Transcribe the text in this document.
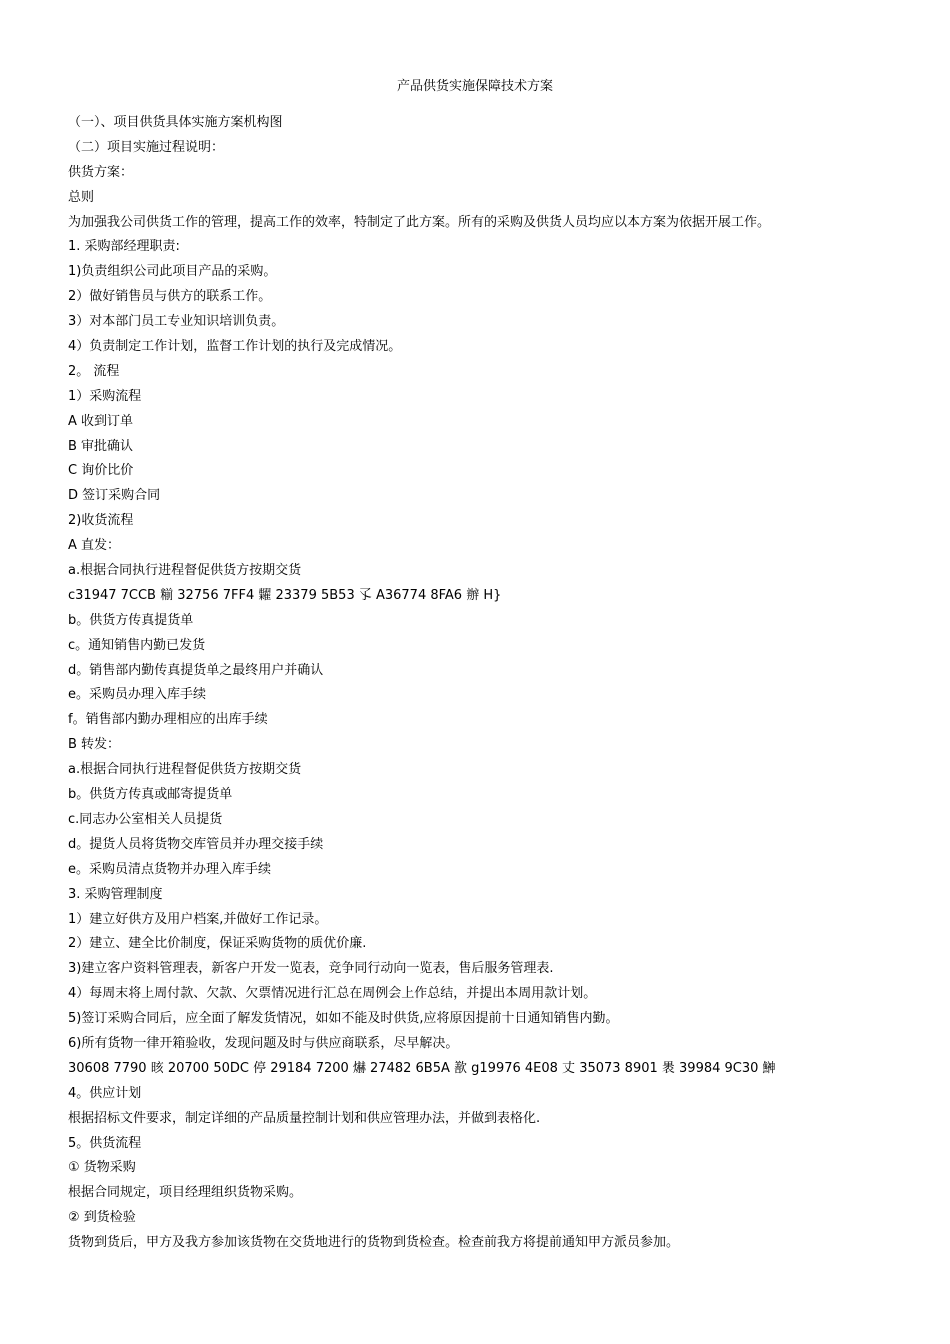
产品供货实施保障技术方案
（一）、项目供货具体实施方案机构图
（二）项目实施过程说明：
供货方案：
总则
为加强我公司供货工作的管理，提高工作的效率，特制定了此方案。所有的采购及供货人员均应以本方案为依据开展工作。
1. 采购部经理职责:
1)负责组织公司此项目产品的采购。
2）做好销售员与供方的联系工作。
3）对本部门员工专业知识培训负责。
4）负责制定工作计划，监督工作计划的执行及完成情况。
2。 流程
1）采购流程
A 收到订单
B 审批确认
C 询价比价
D 签订采购合同
2)收货流程
A 直发：
a.根据合同执行进程督促供货方按期交货
c31947 7CCB 糋 32756 7FF4 糶 23379 5B53 孓 A36774 8FA6 辦 H}
b。供货方传真提货单
c。通知销售内勤已发货
d。销售部内勤传真提货单之最终用户并确认
e。采购员办理入库手续
f。销售部内勤办理相应的出库手续
B 转发：
a.根据合同执行进程督促供货方按期交货
b。供货方传真或邮寄提货单
c.同志办公室相关人员提货
d。提货人员将货物交库管员并办理交接手续
e。采购员清点货物并办理入库手续
3. 采购管理制度
1）建立好供方及用户档案,并做好工作记录。
2）建立、建全比价制度，保证采购货物的质优价廉.
3)建立客户资料管理表，新客户开发一览表，竞争同行动向一览表，售后服务管理表.
4）每周末将上周付款、欠款、欠票情况进行汇总在周例会上作总结，并提出本周用款计划。
5)签订采购合同后，应全面了解发货情况，如如不能及时供货,应将原因提前十日通知销售内勤。
6)所有货物一律开箱验收，发现问题及时与供应商联系，尽早解决。
30608 7790 晐 20700 50DC 停 29184 7200 爀 27482 6B5A 歚 g19976 4E08 丈 35073 8901 褁 39984 9C30 鰰
4。供应计划
根据招标文件要求，制定详细的产品质量控制计划和供应管理办法，并做到表格化.
5。供货流程
① 货物采购
根据合同规定，项目经理组织货物采购。
② 到货检验
货物到货后，甲方及我方参加该货物在交货地进行的货物到货检查。检查前我方将提前通知甲方派员参加。
